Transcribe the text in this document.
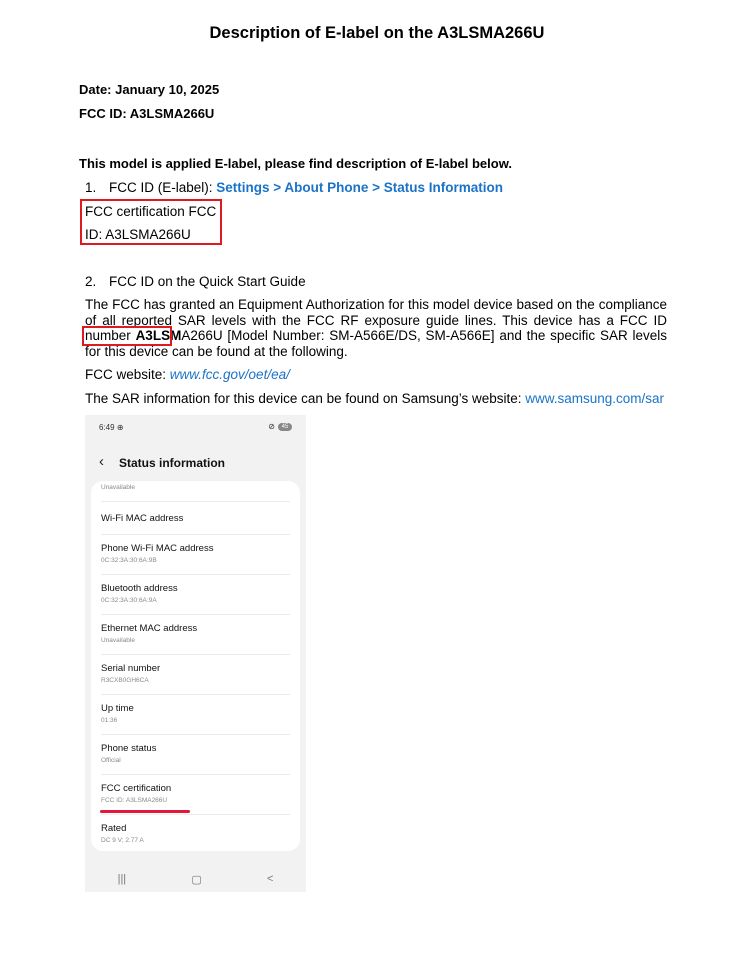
Description of E-label on the A3LSMA266U
Date: January 10, 2025
FCC ID: A3LSMA266U
This model is applied E-label, please find description of E-label below.
1. FCC ID (E-label): Settings > About Phone > Status Information
FCC certification FCC
ID: A3LSMA266U
2. FCC ID on the Quick Start Guide
The FCC has granted an Equipment Authorization for this model device based on the compliance of all reported SAR levels with the FCC RF exposure guide lines. This device has a FCC ID number A3LSMA266U [Model Number: SM-A566E/DS, SM-A566E] and the specific SAR levels for this device can be found at the following.
FCC website: www.fcc.gov/oet/ea/
The SAR information for this device can be found on Samsung’s website: www.samsung.com/sar
6:49 ⊕	⊘	45
‹ Status information
Unavailable
Wi-Fi MAC address
Phone Wi-Fi MAC address
0C:32:3A:30:6A:9B
Bluetooth address
0C:32:3A:30:6A:9A
Ethernet MAC address
Unavailable
Serial number
R3CXB0GH6CA
Up time
01:36
Phone status
Official
FCC certification
FCC ID: A3LSMA266U
Rated
DC 9 V; 2.77 A
|||	▢	<
